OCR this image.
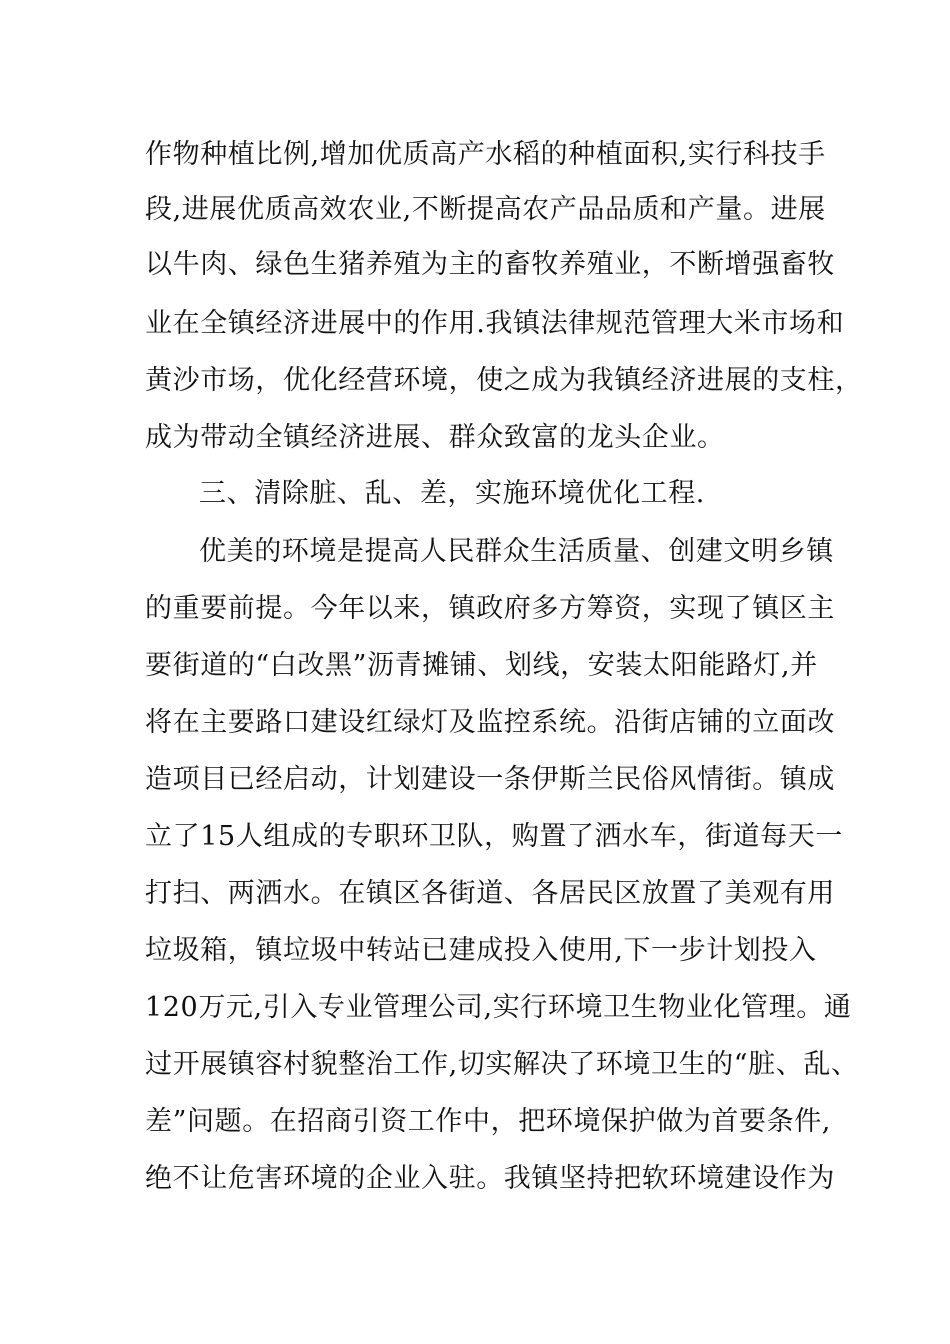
作物种植比例,增加优质高产水稻的种植面积,实行科技手
段,进展优质高效农业,不断提高农产品品质和产量。进展
以牛肉、绿色生猪养殖为主的畜牧养殖业，不断增强畜牧
业在全镇经济进展中的作用.我镇法律规范管理大米市场和
黄沙市场，优化经营环境，使之成为我镇经济进展的支柱，
成为带动全镇经济进展、群众致富的龙头企业。
三、清除脏、乱、差，实施环境优化工程.
优美的环境是提高人民群众生活质量、创建文明乡镇
的重要前提。今年以来，镇政府多方筹资，实现了镇区主
要街道的“白改黑”沥青摊铺、划线，安装太阳能路灯,并
将在主要路口建设红绿灯及监控系统。沿街店铺的立面改
造项目已经启动，计划建设一条伊斯兰民俗风情街。镇成
立了15人组成的专职环卫队，购置了洒水车，街道每天一
打扫、两洒水。在镇区各街道、各居民区放置了美观有用
垃圾箱，镇垃圾中转站已建成投入使用,下一步计划投入
120万元,引入专业管理公司,实行环境卫生物业化管理。通
过开展镇容村貌整治工作,切实解决了环境卫生的“脏、乱、
差”问题。在招商引资工作中，把环境保护做为首要条件,
绝不让危害环境的企业入驻。我镇坚持把软环境建设作为
